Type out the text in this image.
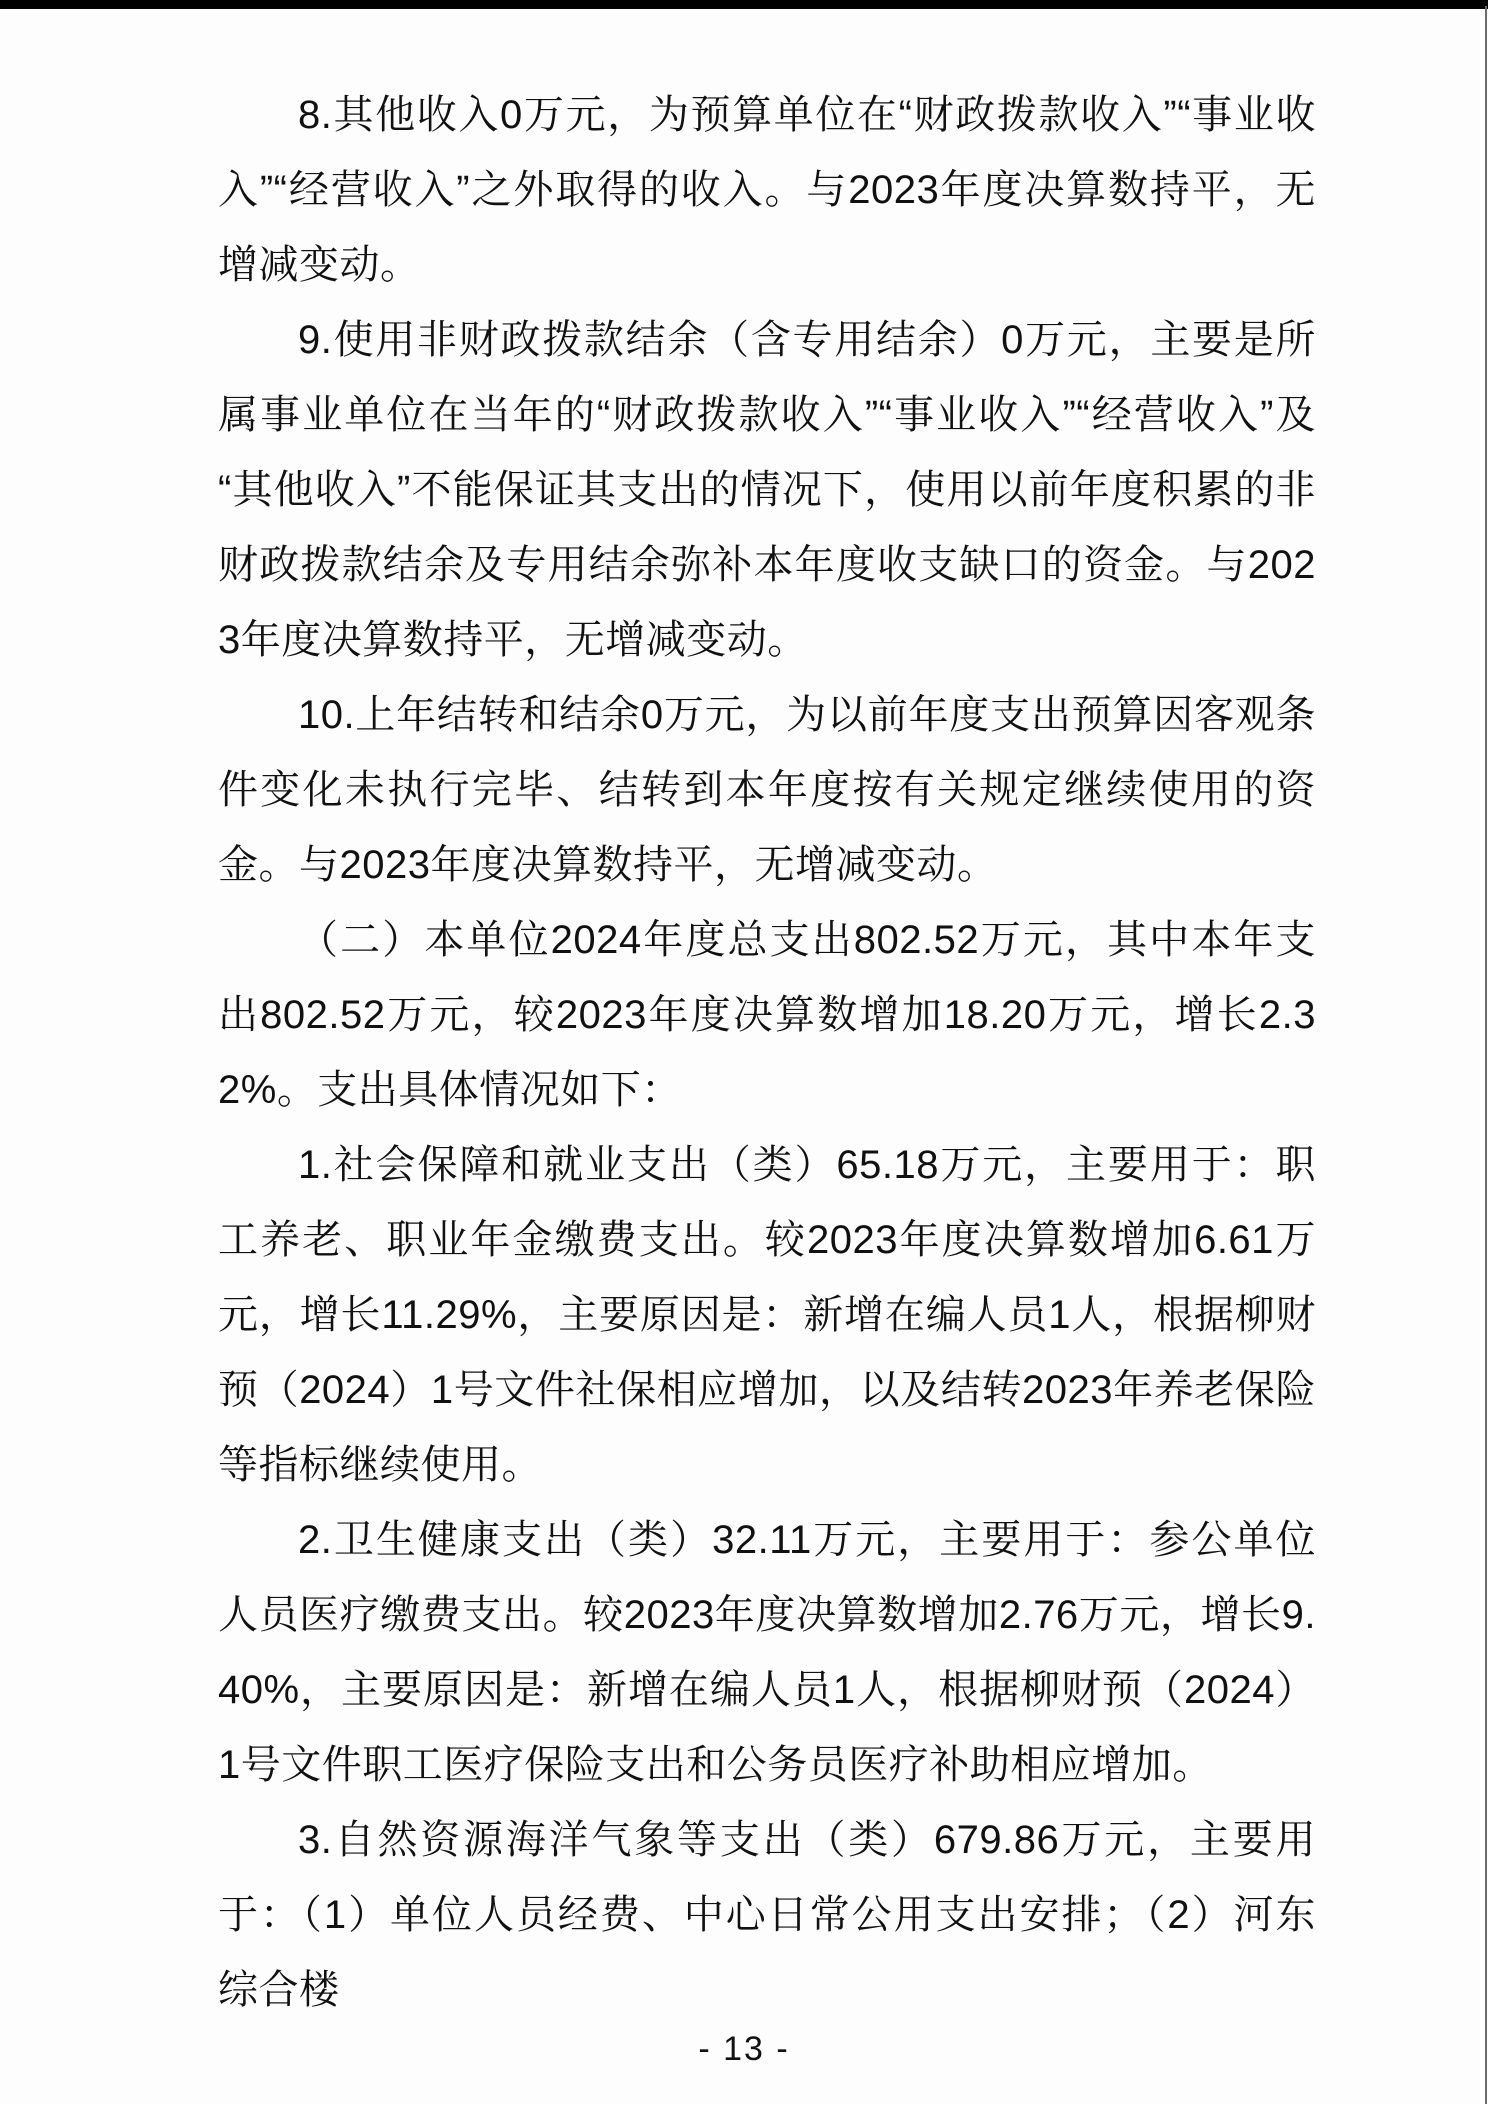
8.其他收入0万元，为预算单位在“财政拨款收入”“事业收入”“经营收入”之外取得的收入。与2023年度决算数持平，无增减变动。

9.使用非财政拨款结余（含专用结余）0万元，主要是所属事业单位在当年的“财政拨款收入”“事业收入”“经营收入”及“其他收入”不能保证其支出的情况下，使用以前年度积累的非财政拨款结余及专用结余弥补本年度收支缺口的资金。与2023年度决算数持平，无增减变动。

10.上年结转和结余0万元，为以前年度支出预算因客观条件变化未执行完毕、结转到本年度按有关规定继续使用的资金。与2023年度决算数持平，无增减变动。

（二）本单位2024年度总支出802.52万元，其中本年支出802.52万元，较2023年度决算数增加18.20万元，增长2.32%。支出具体情况如下：

1.社会保障和就业支出（类）65.18万元，主要用于：职工养老、职业年金缴费支出。较2023年度决算数增加6.61万元，增长11.29%，主要原因是：新增在编人员1人，根据柳财预（2024）1号文件社保相应增加，以及结转2023年养老保险等指标继续使用。

2.卫生健康支出（类）32.11万元，主要用于：参公单位人员医疗缴费支出。较2023年度决算数增加2.76万元，增长9.40%，主要原因是：新增在编人员1人，根据柳财预（2024）1号文件职工医疗保险支出和公务员医疗补助相应增加。

3.自然资源海洋气象等支出（类）679.86万元，主要用于：（1）单位人员经费、中心日常公用支出安排；（2）河东综合楼

- 13 -
